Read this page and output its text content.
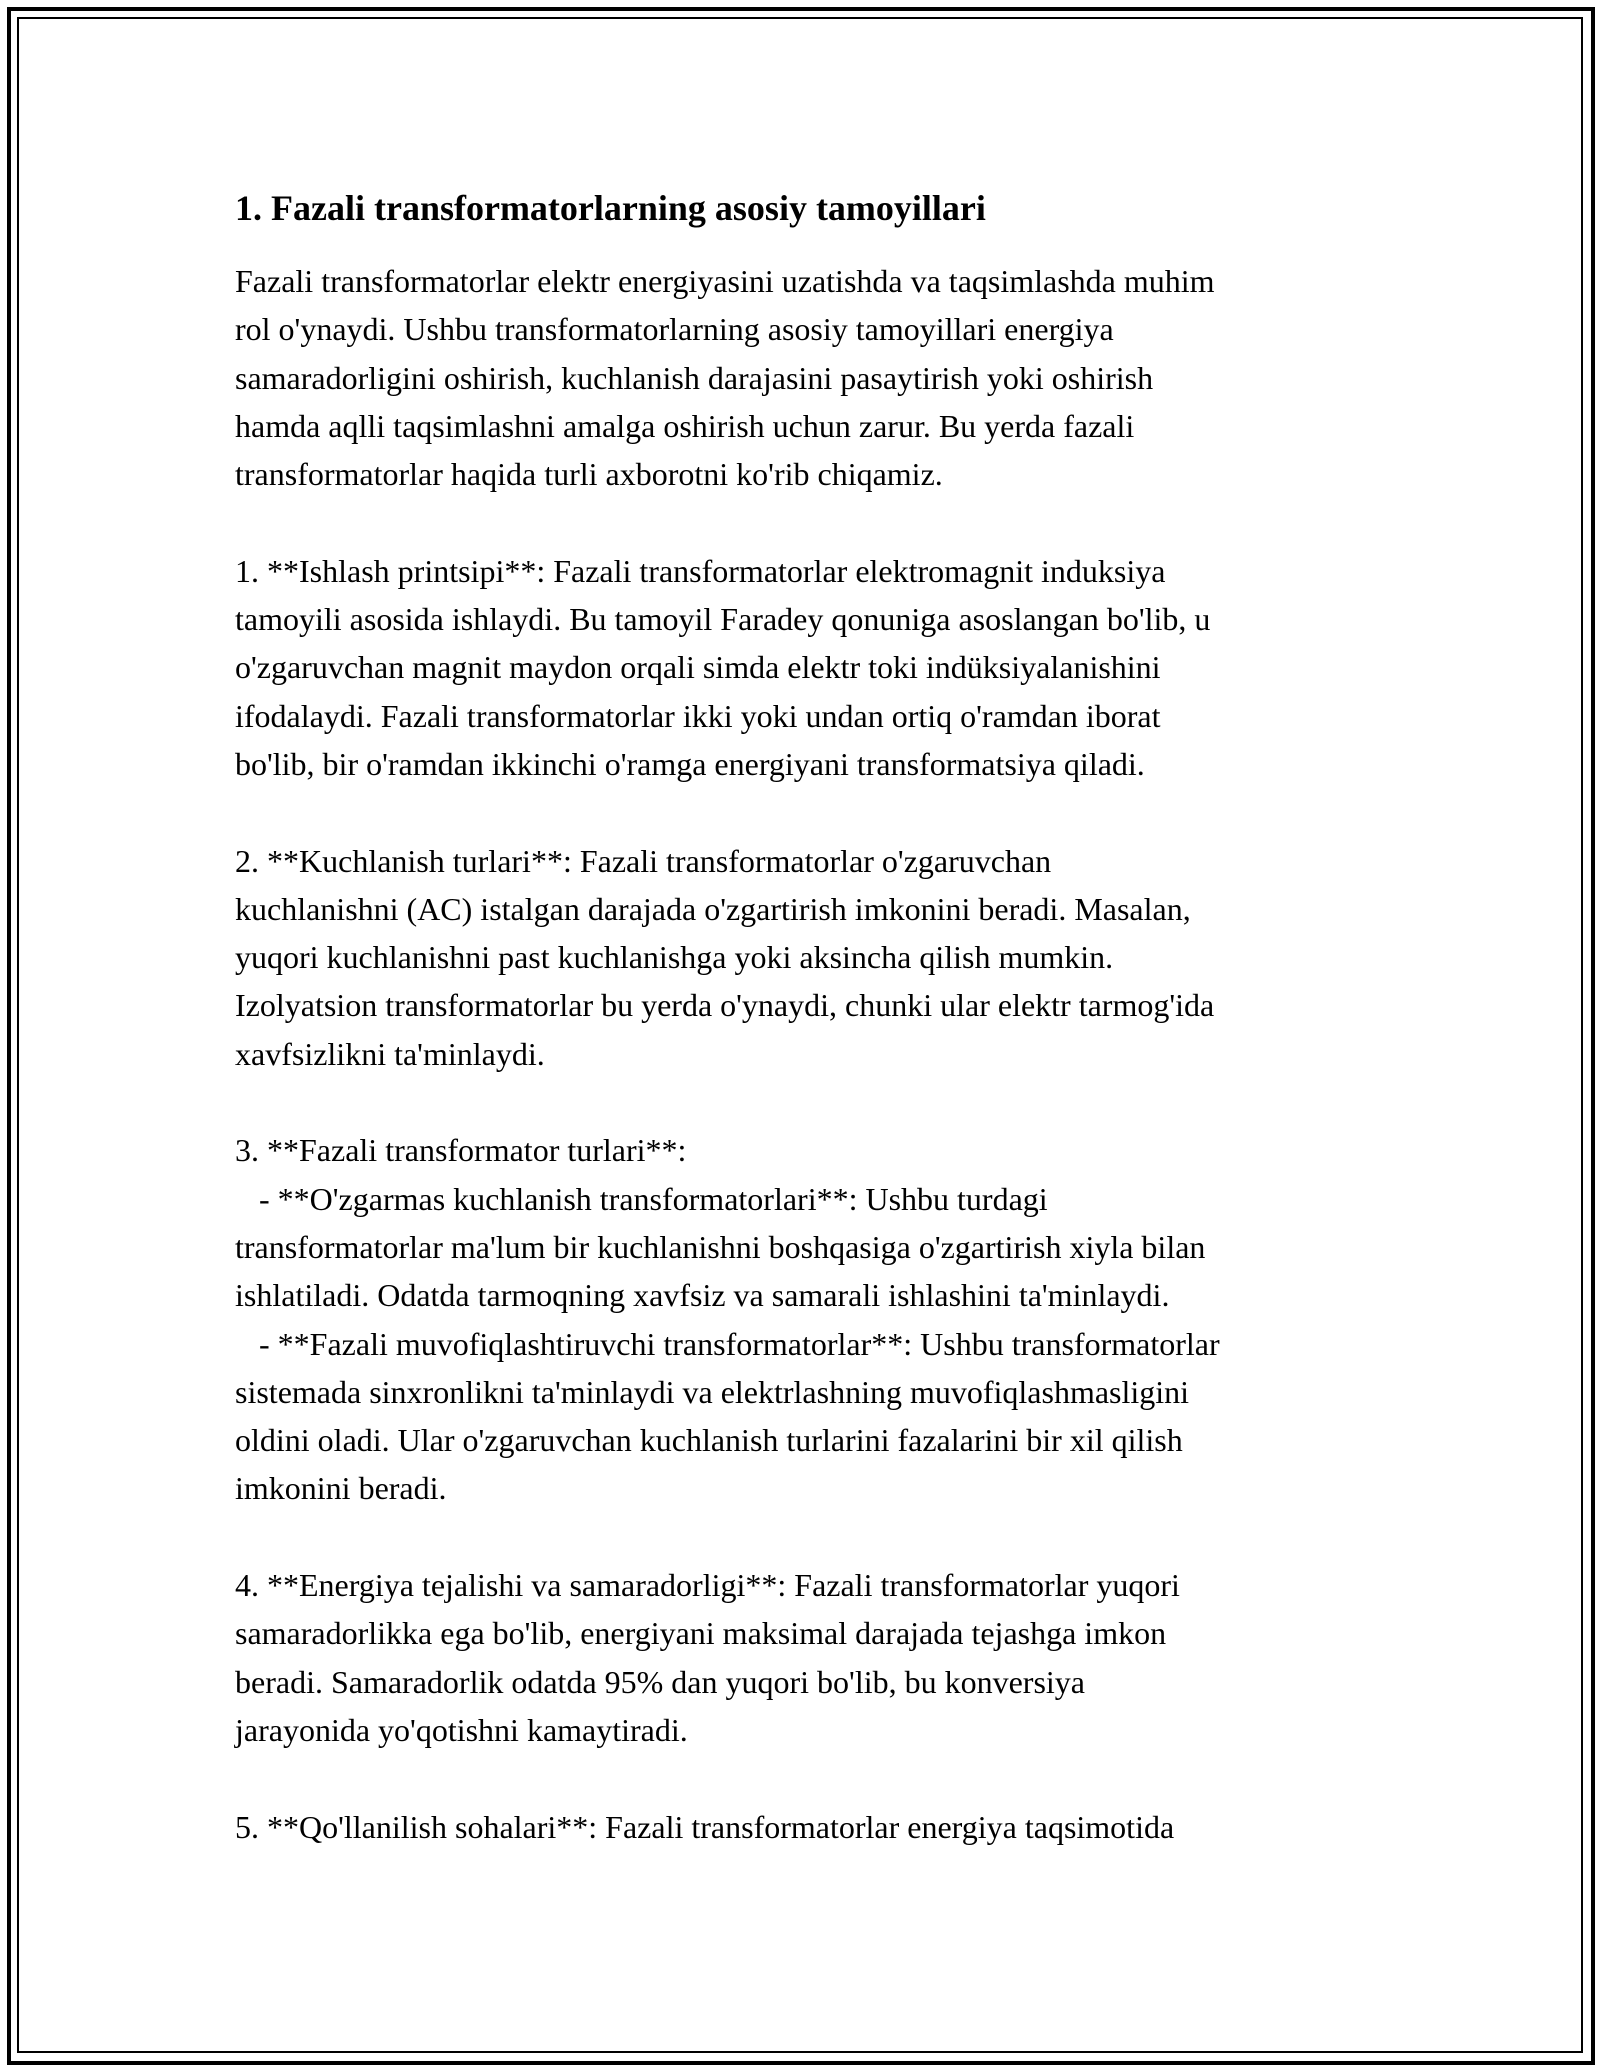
1. Fazali transformatorlarning asosiy tamoyillari
Fazali transformatorlar elektr energiyasini uzatishda va taqsimlashda muhim
rol o'ynaydi. Ushbu transformatorlarning asosiy tamoyillari energiya
samaradorligini oshirish, kuchlanish darajasini pasaytirish yoki oshirish
hamda aqlli taqsimlashni amalga oshirish uchun zarur. Bu yerda fazali
transformatorlar haqida turli axborotni ko'rib chiqamiz.
1. **Ishlash printsipi**: Fazali transformatorlar elektromagnit induksiya
tamoyili asosida ishlaydi. Bu tamoyil Faradey qonuniga asoslangan bo'lib, u
o'zgaruvchan magnit maydon orqali simda elektr toki indüksiyalanishini
ifodalaydi. Fazali transformatorlar ikki yoki undan ortiq o'ramdan iborat
bo'lib, bir o'ramdan ikkinchi o'ramga energiyani transformatsiya qiladi.
2. **Kuchlanish turlari**: Fazali transformatorlar o'zgaruvchan
kuchlanishni (AC) istalgan darajada o'zgartirish imkonini beradi. Masalan,
yuqori kuchlanishni past kuchlanishga yoki aksincha qilish mumkin.
Izolyatsion transformatorlar bu yerda o'ynaydi, chunki ular elektr tarmog'ida
xavfsizlikni ta'minlaydi.
3. **Fazali transformator turlari**:
- **O'zgarmas kuchlanish transformatorlari**: Ushbu turdagi
transformatorlar ma'lum bir kuchlanishni boshqasiga o'zgartirish xiyla bilan
ishlatiladi. Odatda tarmoqning xavfsiz va samarali ishlashini ta'minlaydi.
- **Fazali muvofiqlashtiruvchi transformatorlar**: Ushbu transformatorlar
sistemada sinxronlikni ta'minlaydi va elektrlashning muvofiqlashmasligini
oldini oladi. Ular o'zgaruvchan kuchlanish turlarini fazalarini bir xil qilish
imkonini beradi.
4. **Energiya tejalishi va samaradorligi**: Fazali transformatorlar yuqori
samaradorlikka ega bo'lib, energiyani maksimal darajada tejashga imkon
beradi. Samaradorlik odatda 95% dan yuqori bo'lib, bu konversiya
jarayonida yo'qotishni kamaytiradi.
5. **Qo'llanilish sohalari**: Fazali transformatorlar energiya taqsimotida
